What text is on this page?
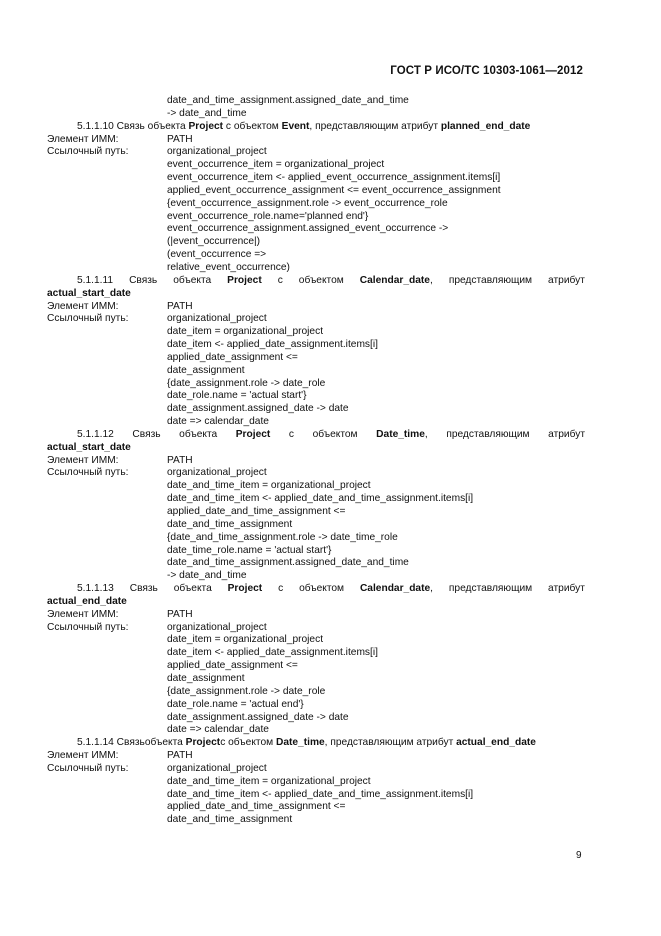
ГОСТ Р ИСО/ТС 10303-1061—2012
date_and_time_assignment.assigned_date_and_time
-> date_and_time
5.1.1.10 Связь объекта Project с объектом Event, представляющим атрибут planned_end_date
Элемент ИММ:	PATH
Ссылочный путь:	organizational_project
event_occurrence_item = organizational_project
event_occurrence_item <- applied_event_occurrence_assignment.items[i]
applied_event_occurrence_assignment <= event_occurrence_assignment
{event_occurrence_assignment.role -> event_occurrence_role
event_occurrence_role.name='planned end'}
event_occurrence_assignment.assigned_event_occurrence ->
(|event_occurrence|)
(event_occurrence =>
relative_event_occurrence)
5.1.1.11 Связь объекта Project с объектом Calendar_date, представляющим атрибут
actual_start_date
Элемент ИММ:	PATH
Ссылочный путь:	organizational_project
date_item = organizational_project
date_item <- applied_date_assignment.items[i]
applied_date_assignment <=
date_assignment
{date_assignment.role -> date_role
date_role.name = 'actual start'}
date_assignment.assigned_date -> date
date => calendar_date
5.1.1.12 Связь объекта Project с объектом Date_time, представляющим атрибут
actual_start_date
Элемент ИММ:	PATH
Ссылочный путь:	organizational_project
date_and_time_item = organizational_project
date_and_time_item <- applied_date_and_time_assignment.items[i]
applied_date_and_time_assignment <=
date_and_time_assignment
{date_and_time_assignment.role -> date_time_role
date_time_role.name = 'actual start'}
date_and_time_assignment.assigned_date_and_time
-> date_and_time
5.1.1.13 Связь объекта Project с объектом Calendar_date, представляющим атрибут
actual_end_date
Элемент ИММ:	PATH
Ссылочный путь:	organizational_project
date_item = organizational_project
date_item <- applied_date_assignment.items[i]
applied_date_assignment <=
date_assignment
{date_assignment.role -> date_role
date_role.name = 'actual end'}
date_assignment.assigned_date -> date
date => calendar_date
5.1.1.14 Связьобъекта Projectс объектом Date_time, представляющим атрибут actual_end_date
Элемент ИММ:	PATH
Ссылочный путь:	organizational_project
date_and_time_item = organizational_project
date_and_time_item <- applied_date_and_time_assignment.items[i]
applied_date_and_time_assignment <=
date_and_time_assignment
9
